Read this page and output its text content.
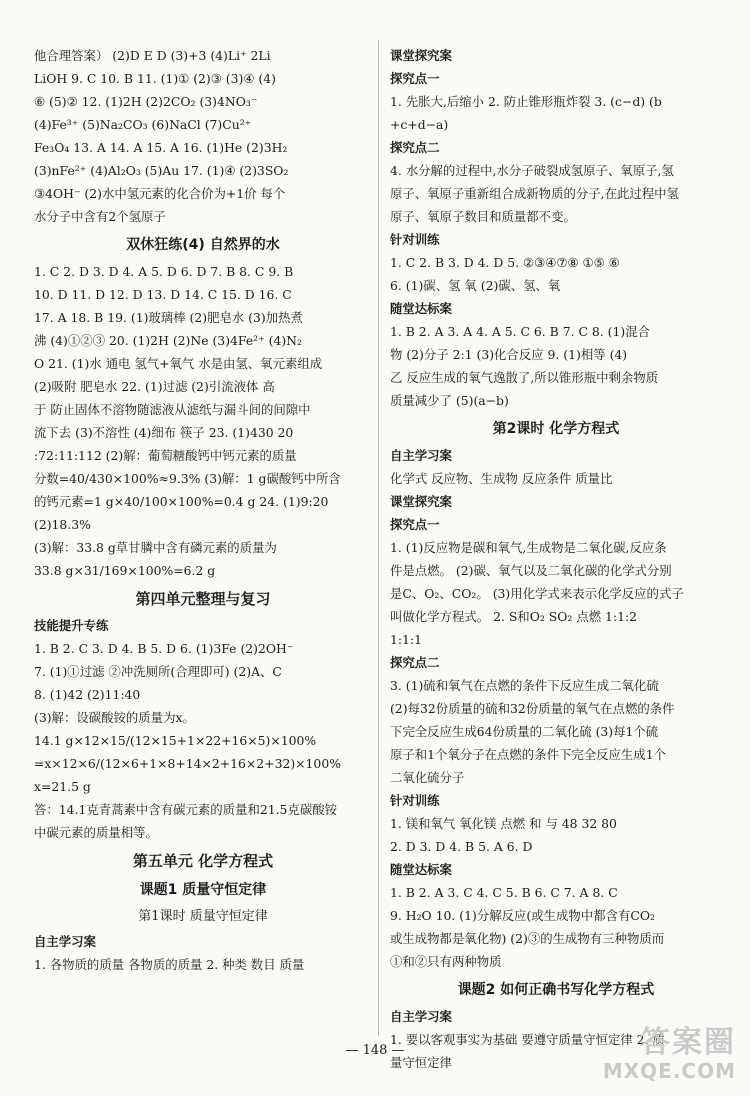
他合理答案） (2)D E D (3)+3 (4)Li⁺ 2Li

LiOH 9. C 10. B 11. (1)① (2)③ (3)④ (4)

⑥ (5)② 12. (1)2H (2)2CO₂ (3)4NO₃⁻

(4)Fe³⁺ (5)Na₂CO₃ (6)NaCl (7)Cu²⁺

Fe₃O₄ 13. A 14. A 15. A 16. (1)He (2)3H₂

(3)nFe²⁺ (4)Al₂O₃ (5)Au 17. (1)④ (2)3SO₂

③4OH⁻ (2)水中氢元素的化合价为+1价 每个

水分子中含有2个氢原子

双休狂练(4) 自然界的水

1. C 2. D 3. D 4. A 5. D 6. D 7. B 8. C 9. B

10. D 11. D 12. D 13. D 14. C 15. D 16. C

17. A 18. B 19. (1)玻璃棒 (2)肥皂水 (3)加热煮

沸 (4)①②③ 20. (1)2H (2)Ne (3)4Fe²⁺ (4)N₂

O 21. (1)水 通电 氢气+氧气 水是由氢、氧元素组成

(2)吸附 肥皂水 22. (1)过滤 (2)引流液体 高

于 防止固体不溶物随滤液从滤纸与漏斗间的间隙中

流下去 (3)不溶性 (4)细布 筷子 23. (1)430 20

:72:11:112 (2)解：葡萄糖酸钙中钙元素的质量

分数=40/430×100%≈9.3% (3)解：1 g碳酸钙中所含

的钙元素=1 g×40/100×100%=0.4 g 24. (1)9:20

(2)18.3%

(3)解：33.8 g草甘膦中含有磷元素的质量为

33.8 g×31/169×100%=6.2 g

第四单元整理与复习

技能提升专练

1. B 2. C 3. D 4. B 5. D 6. (1)3Fe (2)2OH⁻

7. (1)①过滤 ②冲洗厕所(合理即可) (2)A、C

8. (1)42 (2)11:40

(3)解：设碳酸铵的质量为x。

14.1 g×12×15/(12×15+1×22+16×5)×100%

=x×12×6/(12×6+1×8+14×2+16×2+32)×100%

x=21.5 g

答：14.1克青蒿素中含有碳元素的质量和21.5克碳酸铵

中碳元素的质量相等。

第五单元 化学方程式

课题1 质量守恒定律

第1课时 质量守恒定律

自主学习案

1. 各物质的质量 各物质的质量 2. 种类 数目 质量

课堂探究案

探究点一

1. 先胀大,后缩小 2. 防止锥形瓶炸裂 3. (c−d) (b

+c+d−a)

探究点二

4. 水分解的过程中,水分子破裂成氢原子、氧原子,氢

原子、氧原子重新组合成新物质的分子,在此过程中氢

原子、氧原子数目和质量都不变。

针对训练

1. C 2. B 3. D 4. D 5. ②③④⑦⑧ ①⑤ ⑥

6. (1)碳、氢 氧 (2)碳、氢、氧

随堂达标案

1. B 2. A 3. A 4. A 5. C 6. B 7. C 8. (1)混合

物 (2)分子 2:1 (3)化合反应 9. (1)相等 (4)

乙 反应生成的氧气逸散了,所以锥形瓶中剩余物质

质量减少了 (5)(a−b)

第2课时 化学方程式

自主学习案

化学式 反应物、生成物 反应条件 质量比

课堂探究案

探究点一

1. (1)反应物是碳和氧气,生成物是二氧化碳,反应条

件是点燃。 (2)碳、氧气以及二氧化碳的化学式分别

是C、O₂、CO₂。 (3)用化学式来表示化学反应的式子

叫做化学方程式。 2. S和O₂ SO₂ 点燃 1:1:2

1:1:1

探究点二

3. (1)硫和氧气在点燃的条件下反应生成二氧化硫

(2)每32份质量的硫和32份质量的氧气在点燃的条件

下完全反应生成64份质量的二氧化硫 (3)每1个硫

原子和1个氧分子在点燃的条件下完全反应生成1个

二氧化硫分子

针对训练

1. 镁和氧气 氧化镁 点燃 和 与 48 32 80

2. D 3. D 4. B 5. A 6. D

随堂达标案

1. B 2. A 3. C 4. C 5. B 6. C 7. A 8. C

9. H₂O 10. (1)分解反应(或生成物中都含有CO₂

或生成物都是氧化物) (2)③的生成物有三种物质而

①和②只有两种物质

课题2 如何正确书写化学方程式

自主学习案

1. 要以客观事实为基础 要遵守质量守恒定律 2. 质

量守恒定律

— 148 —	答案圈
MXQE.COM
